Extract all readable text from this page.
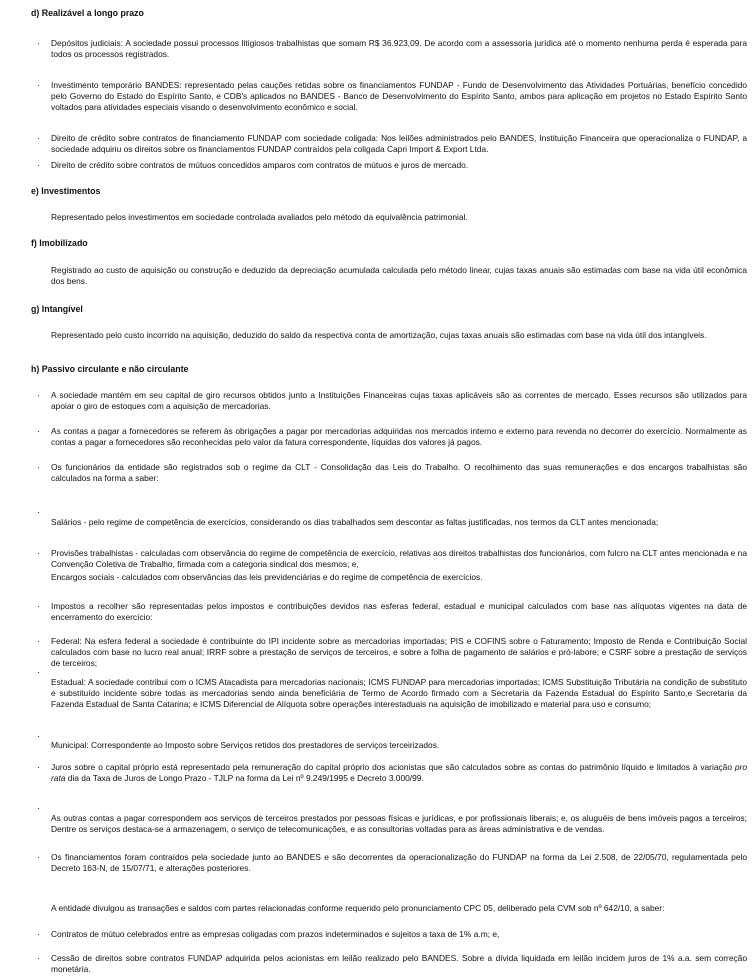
d) Realizável a longo prazo
· Depósitos judiciais: A sociedade possui processos litigiosos trabalhistas que somam R$ 36.923,09. De acordo com a assessoria jurídica até o momento nenhuma perda é esperada para todos os processos registrados.
· Investimento temporário BANDES: representado pelas cauções retidas sobre os financiamentos FUNDAP - Fundo de Desenvolvimento das Atividades Portuárias, benefício concedido pelo Governo do Estado do Espírito Santo, e CDB's aplicados no BANDES - Banco de Desenvolvimento do Espírito Santo, ambos para aplicação em projetos no Estado Espírito Santo voltados para atividades especiais visando o desenvolvimento econômico e social.
· Direito de crédito sobre contratos de financiamento FUNDAP com sociedade coligada: Nos leilões administrados pelo BANDES, Instituição Financeira que operacionaliza o FUNDAP, a sociedade adquiriu os direitos sobre os financiamentos FUNDAP contraídos pela coligada Capri Import & Export Ltda.
· Direito de crédito sobre contratos de mútuos concedidos amparos com contratos de mútuos e juros de mercado.
e) Investimentos
Representado pelos investimentos em sociedade controlada avaliados pelo método da equivalência patrimonial.
f) Imobilizado
Registrado ao custo de aquisição ou construção e deduzido da depreciação acumulada calculada pelo método linear, cujas taxas anuais são estimadas com base na vida útil econômica dos bens.
g) Intangível
Representado pelo custo incorrido na aquisição, deduzido do saldo da respectiva conta de amortização, cujas taxas anuais são estimadas com base na vida útil dos intangíveis.
h) Passivo circulante e não circulante
· A sociedade mantém em seu capital de giro recursos obtidos junto a Instituições Financeiras cujas taxas aplicáveis são as correntes de mercado. Esses recursos são utilizados para apoiar o giro de estoques com a aquisição de mercadorias.
· As contas a pagar a fornecedores se referem às obrigações a pagar por mercadorias adquiridas nos mercados interno e externo para revenda no decorrer do exercício. Normalmente as contas a pagar a fornecedores são reconhecidas pelo valor da fatura correspondente, líquidas dos valores já pagos.
· Os funcionários da entidade são registrados sob o regime da CLT - Consolidação das Leis do Trabalho. O recolhimento das suas remunerações e dos encargos trabalhistas são calculados na forma a saber:
·
Salários - pelo regime de competência de exercícios, considerando os dias trabalhados sem descontar as faltas justificadas, nos termos da CLT antes mencionada;
· Provisões trabalhistas - calculadas com observância do regime de competência de exercício, relativas aos direitos trabalhistas dos funcionários, com fulcro na CLT antes mencionada e na Convenção Coletiva de Trabalho, firmada com a categoria sindical dos mesmos; e,
Encargos sociais - calculados com observâncias das leis previdenciárias e do regime de competência de exercícios.
· Impostos a recolher são representadas pelos impostos e contribuições devidos nas esferas federal, estadual e municipal calculados com base nas alíquotas vigentes na data de encerramento do exercício:
· Federal: Na esfera federal a sociedade é contribuinte do IPI incidente sobre as mercadorias importadas; PIS e COFINS sobre o Faturamento; Imposto de Renda e Contribuição Social calculados com base no lucro real anual; IRRF sobre a prestação de serviços de terceiros, e sobre a folha de pagamento de salários e pró-labore; e CSRF sobre a prestação de serviços de terceiros;
·
Estadual: A sociedade contribui com o ICMS Atacadista para mercadorias nacionais; ICMS FUNDAP para mercadorias importadas; ICMS Substituição Tributária na condição de substituto e substituído incidente sobre todas as mercadorias sendo ainda beneficiária de Termo de Acordo firmado com a Secretaria da Fazenda Estadual do Espírito Santo,e Secretaria da Fazenda Estadual de Santa Catarina; e ICMS Diferencial de Alíquota sobre operações interestaduais na aquisição de imobilizado e material para uso e consumo;
·
Municipal: Correspondente ao Imposto sobre Serviços retidos dos prestadores de serviços terceirizados.
· Juros sobre o capital próprio está representado pela remuneração do capital próprio dos acionistas que são calculados sobre as contas do patrimônio líquido e limitados à variação pro rata dia da Taxa de Juros de Longo Prazo - TJLP na forma da Lei nº 9.249/1995 e Decreto 3.000/99.
·
As outras contas a pagar correspondem aos serviços de terceiros prestados por pessoas físicas e jurídicas, e por profissionais liberais; e, os aluguéis de bens imóveis pagos a terceiros; Dentre os serviços destaca-se a armazenagem, o serviço de telecomunicações, e as consultorias voltadas para as áreas administrativa e de vendas.
· Os financiamentos foram contraídos pela sociedade junto ao BANDES e são decorrentes da operacionalização do FUNDAP na forma da Lei 2.508, de 22/05/70, regulamentada pelo Decreto 163-N, de 15/07/71, e alterações posteriores.
A entidade divulgou as transações e saldos com partes relacionadas conforme requerido pelo pronunciamento CPC 05, deliberado pela CVM sob nº 642/10, a saber:
· Contratos de mútuo celebrados entre as empresas coligadas com prazos indeterminados e sujeitos a taxa de 1% a.m; e,
· Cessão de direitos sobre contratos FUNDAP adquirida pelos acionistas em leilão realizado pelo BANDES. Sobre a dívida liquidada em leilão incidem juros de 1% a.a. sem correção monetária.
